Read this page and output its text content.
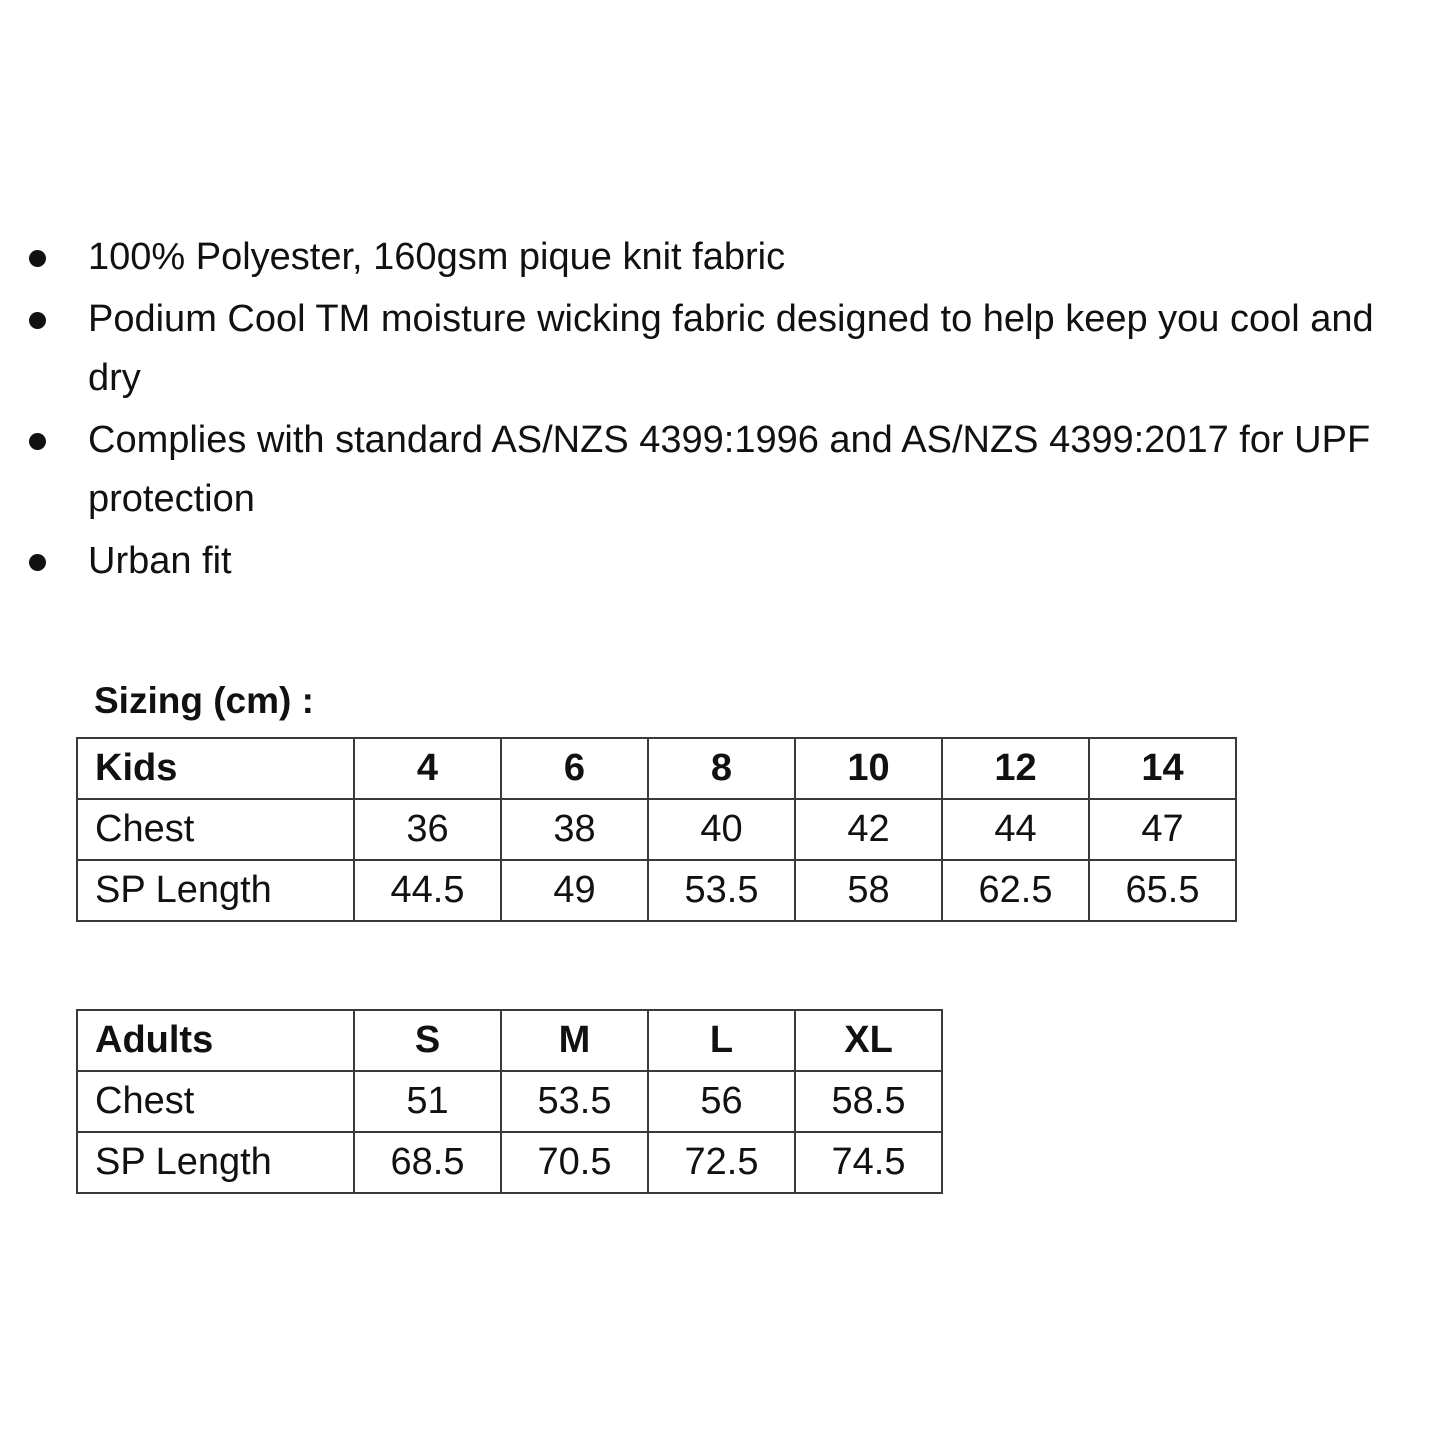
100% Polyester, 160gsm pique knit fabric
Podium Cool TM moisture wicking fabric designed to help keep you cool and dry
Complies with standard AS/NZS 4399:1996 and AS/NZS 4399:2017 for UPF protection
Urban fit
Sizing (cm) :
Kids	4	6	8	10	12	14
Chest	36	38	40	42	44	47
SP Length	44.5	49	53.5	58	62.5	65.5
Adults	S	M	L	XL
Chest	51	53.5	56	58.5
SP Length	68.5	70.5	72.5	74.5
